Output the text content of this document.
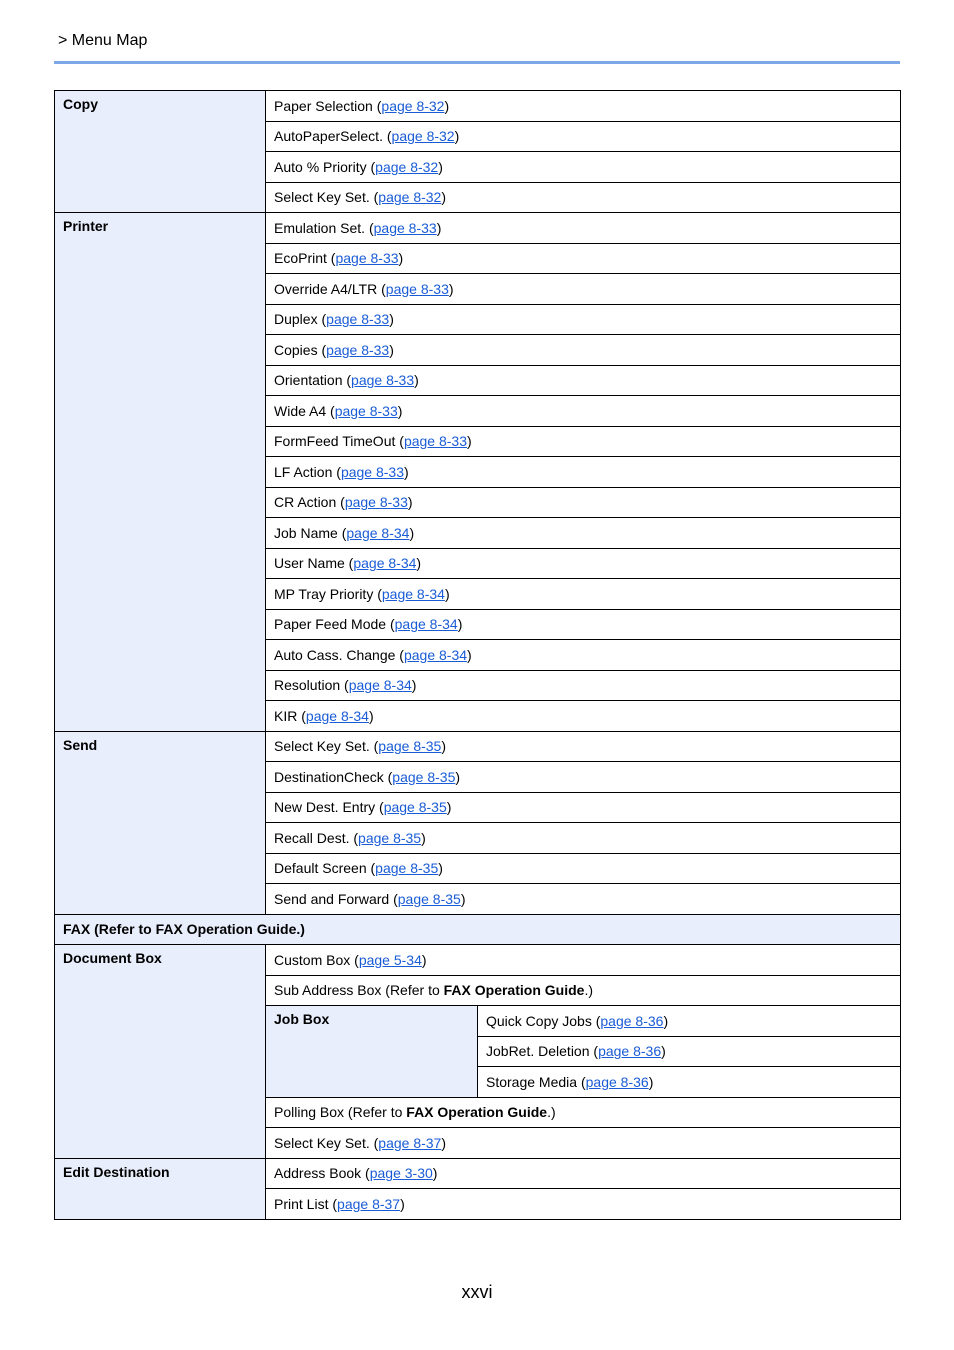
> Menu Map
Copy	Paper Selection (page 8-32)	
	AutoPaperSelect. (page 8-32)	
	Auto % Priority (page 8-32)	
	Select Key Set. (page 8-32)	
Printer	Emulation Set. (page 8-33)	
	EcoPrint (page 8-33)	
	Override A4/LTR (page 8-33)	
	Duplex (page 8-33)	
	Copies (page 8-33)	
	Orientation (page 8-33)	
	Wide A4 (page 8-33)	
	FormFeed TimeOut (page 8-33)	
	LF Action (page 8-33)	
	CR Action (page 8-33)	
	Job Name (page 8-34)	
	User Name (page 8-34)	
	MP Tray Priority (page 8-34)	
	Paper Feed Mode (page 8-34)	
	Auto Cass. Change (page 8-34)	
	Resolution (page 8-34)	
	KIR (page 8-34)	
Send	Select Key Set. (page 8-35)	
	DestinationCheck (page 8-35)	
	New Dest. Entry (page 8-35)	
	Recall Dest. (page 8-35)	
	Default Screen (page 8-35)	
	Send and Forward (page 8-35)	
FAX (Refer to FAX Operation Guide.)		
Document Box	Custom Box (page 5-34)	
	Sub Address Box (Refer to FAX Operation Guide.)	
	Job Box	Quick Copy Jobs (page 8-36)
		JobRet. Deletion (page 8-36)
		Storage Media (page 8-36)
	Polling Box (Refer to FAX Operation Guide.)	
	Select Key Set. (page 8-37)	
Edit Destination	Address Book (page 3-30)	
	Print List (page 8-37)	
xxvi
